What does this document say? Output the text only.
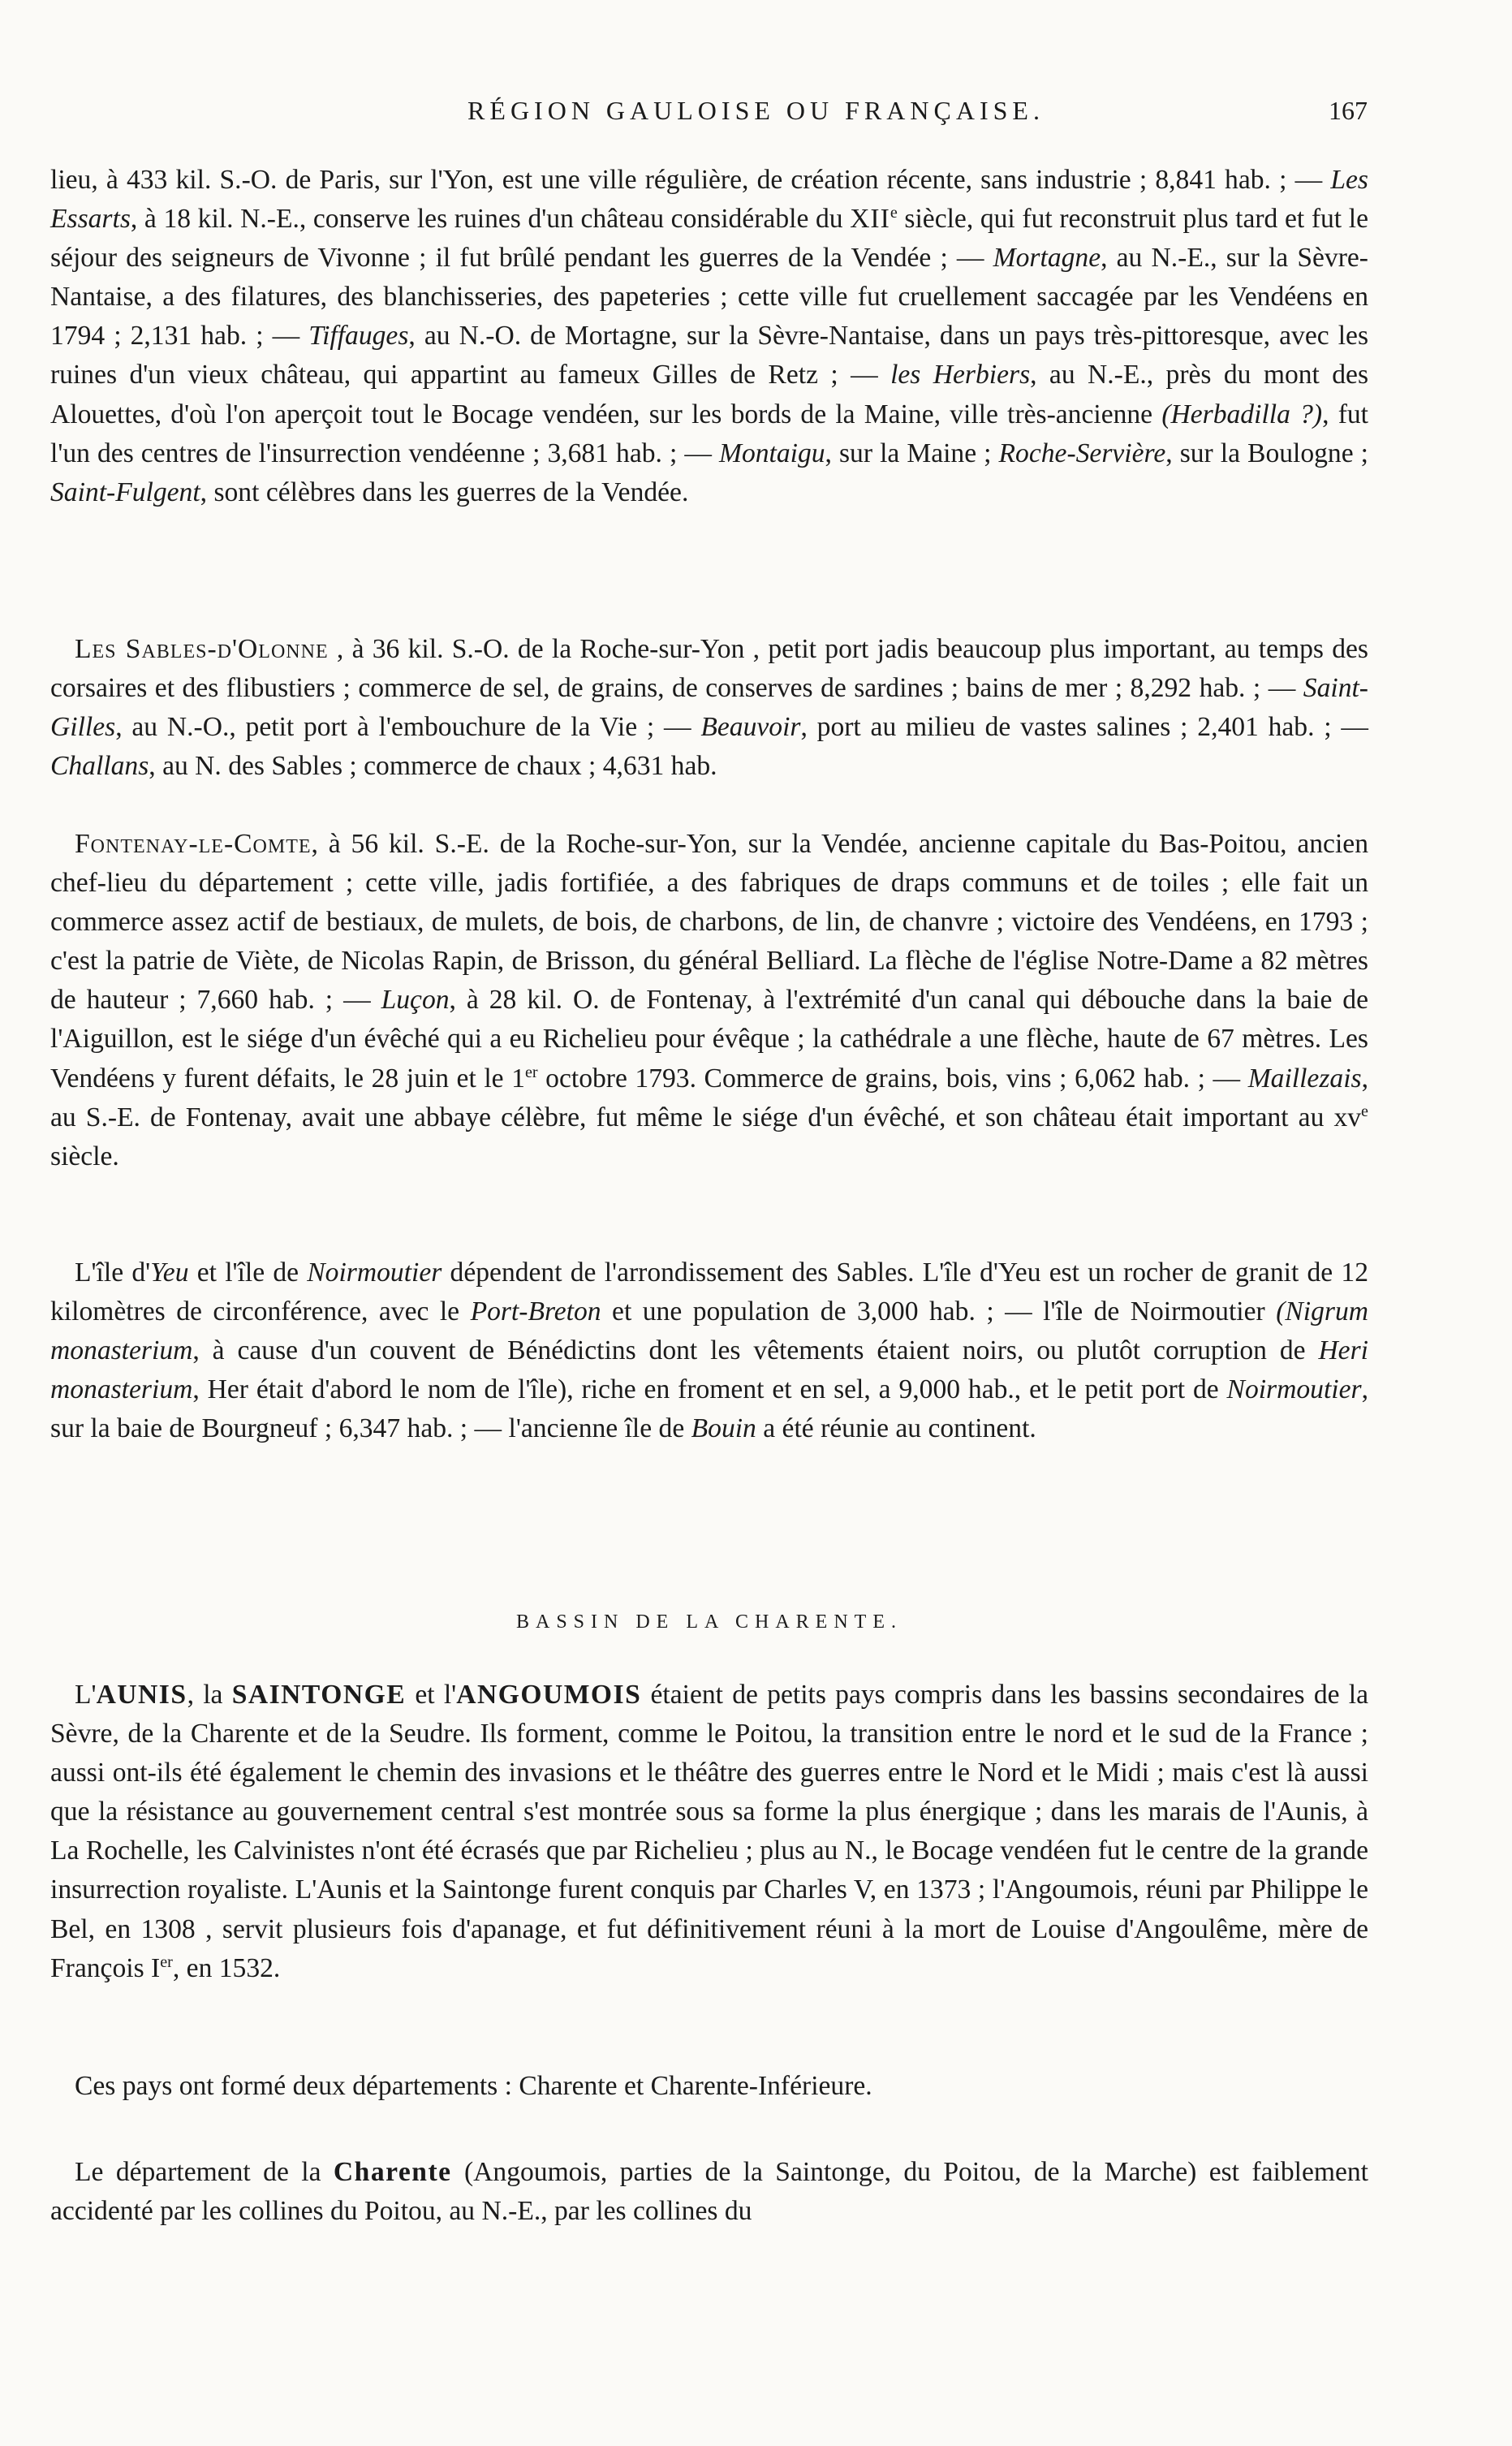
RÉGION GAULOISE OU FRANÇAISE.	167

lieu, à 433 kil. S.-O. de Paris, sur l'Yon, est une ville régulière, de création récente, sans industrie ; 8,841 hab. ; — Les Essarts, à 18 kil. N.-E., conserve les ruines d'un château considérable du XIIe siècle, qui fut reconstruit plus tard et fut le séjour des seigneurs de Vivonne ; il fut brûlé pendant les guerres de la Vendée ; — Mortagne, au N.-E., sur la Sèvre-Nantaise, a des filatures, des blanchisseries, des papeteries ; cette ville fut cruellement saccagée par les Vendéens en 1794 ; 2,131 hab. ; — Tiffauges, au N.-O. de Mortagne, sur la Sèvre-Nantaise, dans un pays très-pittoresque, avec les ruines d'un vieux château, qui appartint au fameux Gilles de Retz ; — les Herbiers, au N.-E., près du mont des Alouettes, d'où l'on aperçoit tout le Bocage vendéen, sur les bords de la Maine, ville très-ancienne (Herbadilla ?), fut l'un des centres de l'insurrection vendéenne ; 3,681 hab. ; — Montaigu, sur la Maine ; Roche-Servière, sur la Boulogne ; Saint-Fulgent, sont célèbres dans les guerres de la Vendée.

Les Sables-d'Olonne , à 36 kil. S.-O. de la Roche-sur-Yon , petit port jadis beaucoup plus important, au temps des corsaires et des flibustiers ; commerce de sel, de grains, de conserves de sardines ; bains de mer ; 8,292 hab. ; — Saint-Gilles, au N.-O., petit port à l'embouchure de la Vie ; — Beauvoir, port au milieu de vastes salines ; 2,401 hab. ; — Challans, au N. des Sables ; commerce de chaux ; 4,631 hab.

Fontenay-le-Comte, à 56 kil. S.-E. de la Roche-sur-Yon, sur la Vendée, ancienne capitale du Bas-Poitou, ancien chef-lieu du département ; cette ville, jadis fortifiée, a des fabriques de draps communs et de toiles ; elle fait un commerce assez actif de bestiaux, de mulets, de bois, de charbons, de lin, de chanvre ; victoire des Vendéens, en 1793 ; c'est la patrie de Viète, de Nicolas Rapin, de Brisson, du général Belliard. La flèche de l'église Notre-Dame a 82 mètres de hauteur ; 7,660 hab. ; — Luçon, à 28 kil. O. de Fontenay, à l'extrémité d'un canal qui débouche dans la baie de l'Aiguillon, est le siége d'un évêché qui a eu Richelieu pour évêque ; la cathédrale a une flèche, haute de 67 mètres. Les Vendéens y furent défaits, le 28 juin et le 1er octobre 1793. Commerce de grains, bois, vins ; 6,062 hab. ; — Maillezais, au S.-E. de Fontenay, avait une abbaye célèbre, fut même le siége d'un évêché, et son château était important au $xv^e$ siècle.

L'île d'Yeu et l'île de Noirmoutier dépendent de l'arrondissement des Sables. L'île d'Yeu est un rocher de granit de 12 kilomètres de circonférence, avec le Port-Breton et une population de 3,000 hab. ; — l'île de Noirmoutier (Nigrum monasterium, à cause d'un couvent de Bénédictins dont les vêtements étaient noirs, ou plutôt corruption de Heri monasterium, Her était d'abord le nom de l'île), riche en froment et en sel, a 9,000 hab., et le petit port de Noirmoutier, sur la baie de Bourgneuf ; 6,347 hab. ; — l'ancienne île de Bouin a été réunie au continent.

BASSIN DE LA CHARENTE.

L'AUNIS, la SAINTONGE et l'ANGOUMOIS étaient de petits pays compris dans les bassins secondaires de la Sèvre, de la Charente et de la Seudre. Ils forment, comme le Poitou, la transition entre le nord et le sud de la France ; aussi ont-ils été également le chemin des invasions et le théâtre des guerres entre le Nord et le Midi ; mais c'est là aussi que la résistance au gouvernement central s'est montrée sous sa forme la plus énergique ; dans les marais de l'Aunis, à La Rochelle, les Calvinistes n'ont été écrasés que par Richelieu ; plus au N., le Bocage vendéen fut le centre de la grande insurrection royaliste. L'Aunis et la Saintonge furent conquis par Charles V, en 1373 ; l'Angoumois, réuni par Philippe le Bel, en 1308 , servit plusieurs fois d'apanage, et fut définitivement réuni à la mort de Louise d'Angoulême, mère de François Ier, en 1532.

Ces pays ont formé deux départements : Charente et Charente-Inférieure.

Le département de la Charente (Angoumois, parties de la Saintonge, du Poitou, de la Marche) est faiblement accidenté par les collines du Poitou, au N.-E., par les collines du
